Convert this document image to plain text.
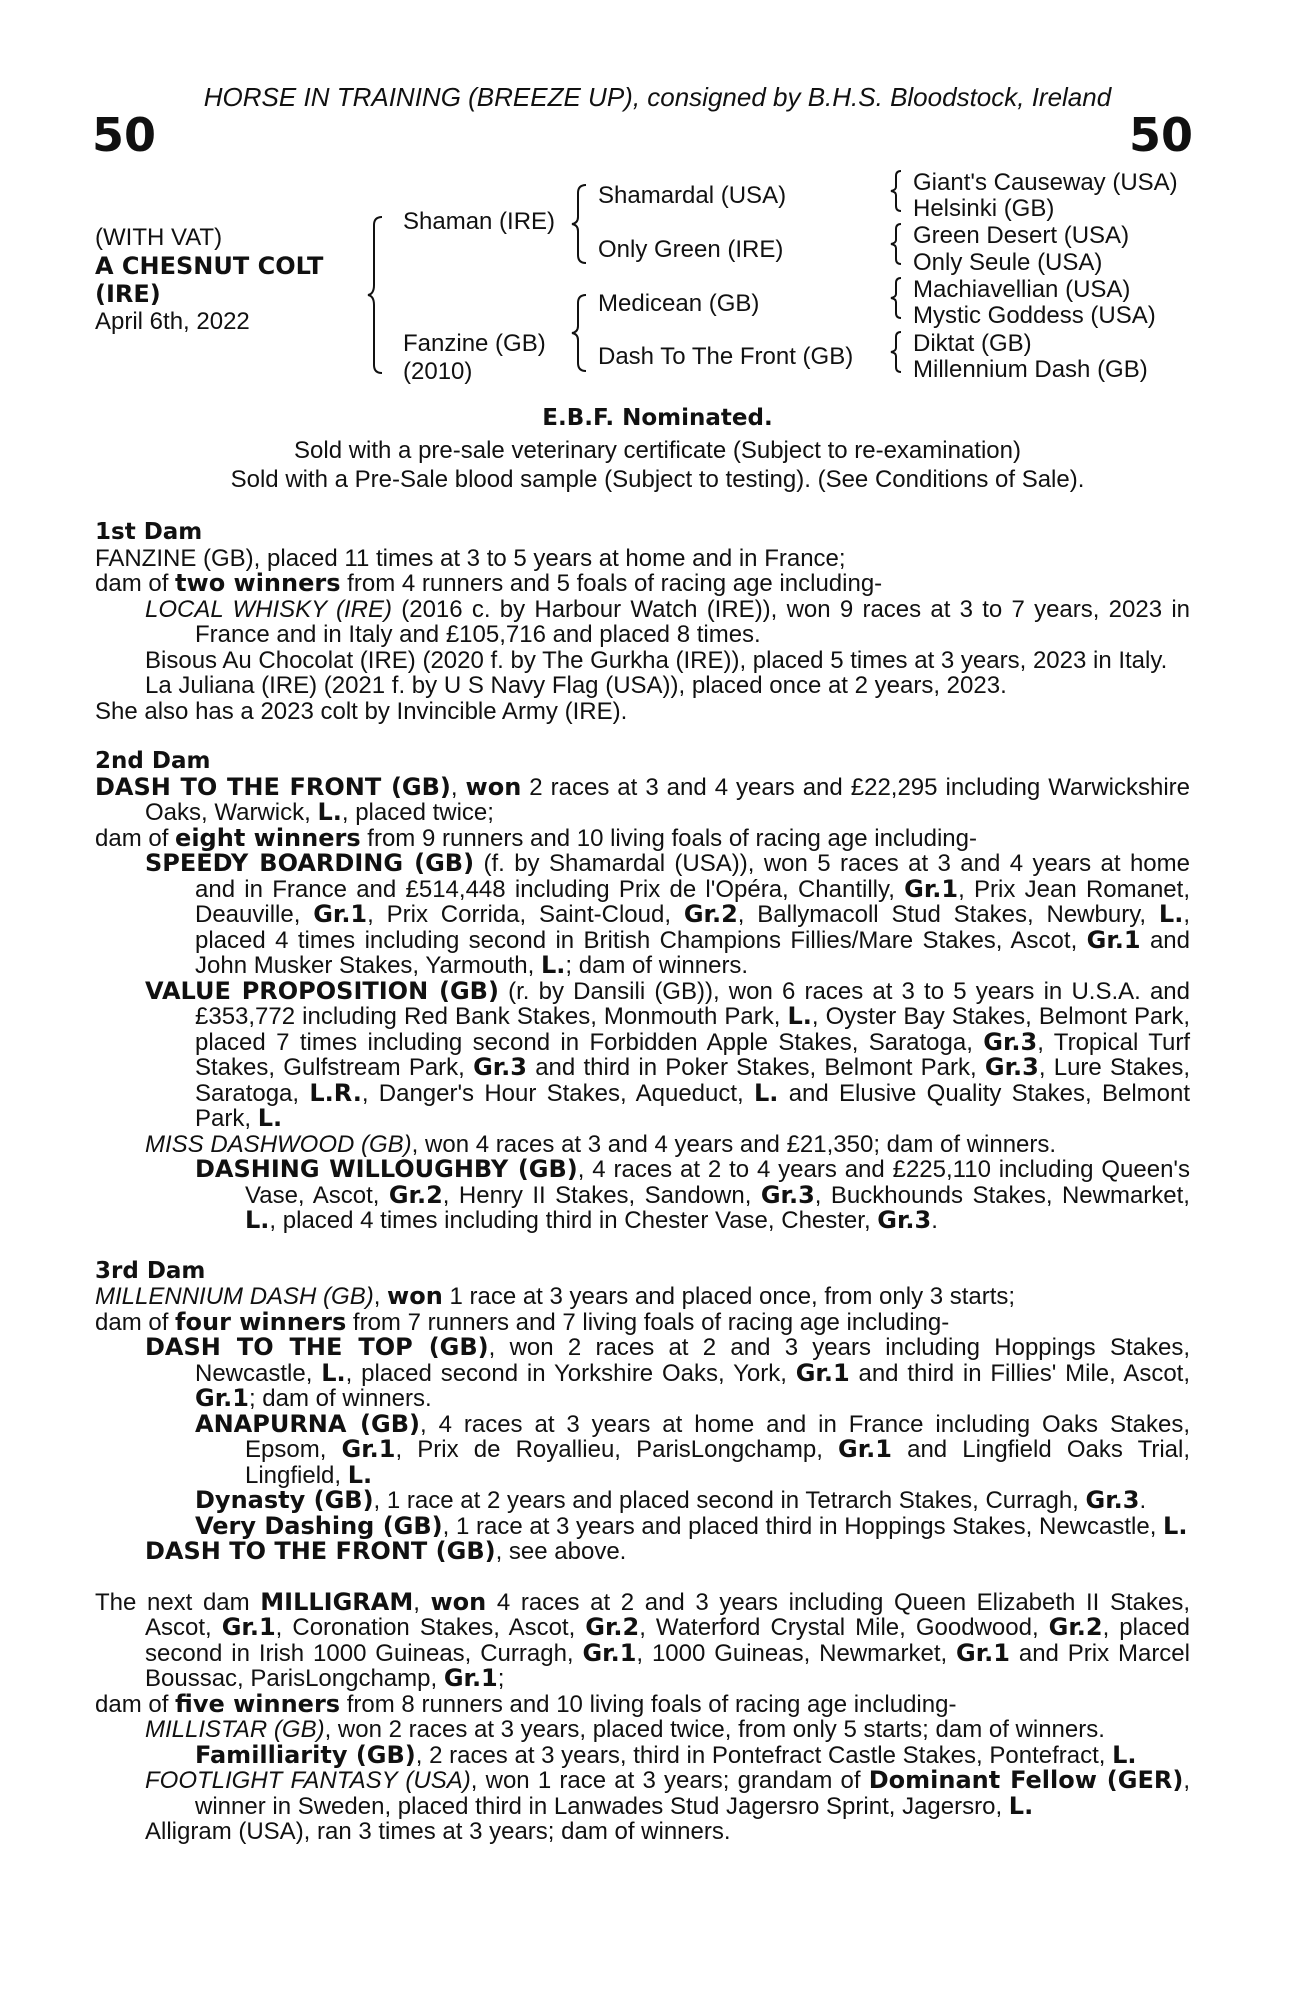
HORSE IN TRAINING (BREEZE UP), consigned by B.H.S. Bloodstock, Ireland
50	50
(WITH VAT)
A CHESNUT COLT
(IRE)
April 6th, 2022
Shaman (IRE)
Fanzine (GB)
(2010)
Shamardal (USA)
Only Green (IRE)
Medicean (GB)
Dash To The Front (GB)
Giant's Causeway (USA)
Helsinki (GB)
Green Desert (USA)
Only Seule (USA)
Machiavellian (USA)
Mystic Goddess (USA)
Diktat (GB)
Millennium Dash (GB)
E.B.F. Nominated.
Sold with a pre-sale veterinary certificate (Subject to re-examination)
Sold with a Pre-Sale blood sample (Subject to testing). (See Conditions of Sale).

1st Dam

FANZINE (GB), placed 11 times at 3 to 5 years at home and in France;

dam of two winners from 4 runners and 5 foals of racing age including-

LOCAL WHISKY (IRE) (2016 c. by Harbour Watch (IRE)), won 9 races at 3 to 7 years, 2023 in France and in Italy and £105,716 and placed 8 times.

Bisous Au Chocolat (IRE) (2020 f. by The Gurkha (IRE)), placed 5 times at 3 years, 2023 in Italy.

La Juliana (IRE) (2021 f. by U S Navy Flag (USA)), placed once at 2 years, 2023.

She also has a 2023 colt by Invincible Army (IRE).

2nd Dam

DASH TO THE FRONT (GB), won 2 races at 3 and 4 years and £22,295 including Warwickshire Oaks, Warwick, L., placed twice;

dam of eight winners from 9 runners and 10 living foals of racing age including-

SPEEDY BOARDING (GB) (f. by Shamardal (USA)), won 5 races at 3 and 4 years at home and in France and £514,448 including Prix de l'Opéra, Chantilly, Gr.1, Prix Jean Romanet, Deauville, Gr.1, Prix Corrida, Saint-Cloud, Gr.2, Ballymacoll Stud Stakes, Newbury, L., placed 4 times including second in British Champions Fillies/Mare Stakes, Ascot, Gr.1 and John Musker Stakes, Yarmouth, L.; dam of winners.

VALUE PROPOSITION (GB) (r. by Dansili (GB)), won 6 races at 3 to 5 years in U.S.A. and £353,772 including Red Bank Stakes, Monmouth Park, L., Oyster Bay Stakes, Belmont Park, placed 7 times including second in Forbidden Apple Stakes, Saratoga, Gr.3, Tropical Turf Stakes, Gulfstream Park, Gr.3 and third in Poker Stakes, Belmont Park, Gr.3, Lure Stakes, Saratoga, L.R., Danger's Hour Stakes, Aqueduct, L. and Elusive Quality Stakes, Belmont Park, L.

MISS DASHWOOD (GB), won 4 races at 3 and 4 years and £21,350; dam of winners.

DASHING WILLOUGHBY (GB), 4 races at 2 to 4 years and £225,110 including Queen's Vase, Ascot, Gr.2, Henry II Stakes, Sandown, Gr.3, Buckhounds Stakes, Newmarket, L., placed 4 times including third in Chester Vase, Chester, Gr.3.

3rd Dam

MILLENNIUM DASH (GB), won 1 race at 3 years and placed once, from only 3 starts;

dam of four winners from 7 runners and 7 living foals of racing age including-

DASH TO THE TOP (GB), won 2 races at 2 and 3 years including Hoppings Stakes, Newcastle, L., placed second in Yorkshire Oaks, York, Gr.1 and third in Fillies' Mile, Ascot, Gr.1; dam of winners.

ANAPURNA (GB), 4 races at 3 years at home and in France including Oaks Stakes, Epsom, Gr.1, Prix de Royallieu, ParisLongchamp, Gr.1 and Lingfield Oaks Trial, Lingfield, L.

Dynasty (GB), 1 race at 2 years and placed second in Tetrarch Stakes, Curragh, Gr.3.

Very Dashing (GB), 1 race at 3 years and placed third in Hoppings Stakes, Newcastle, L.

DASH TO THE FRONT (GB), see above.

The next dam MILLIGRAM, won 4 races at 2 and 3 years including Queen Elizabeth II Stakes, Ascot, Gr.1, Coronation Stakes, Ascot, Gr.2, Waterford Crystal Mile, Goodwood, Gr.2, placed second in Irish 1000 Guineas, Curragh, Gr.1, 1000 Guineas, Newmarket, Gr.1 and Prix Marcel Boussac, ParisLongchamp, Gr.1;

dam of five winners from 8 runners and 10 living foals of racing age including-

MILLISTAR (GB), won 2 races at 3 years, placed twice, from only 5 starts; dam of winners.

Familliarity (GB), 2 races at 3 years, third in Pontefract Castle Stakes, Pontefract, L.

FOOTLIGHT FANTASY (USA), won 1 race at 3 years; grandam of Dominant Fellow (GER), winner in Sweden, placed third in Lanwades Stud Jagersro Sprint, Jagersro, L.

Alligram (USA), ran 3 times at 3 years; dam of winners.
